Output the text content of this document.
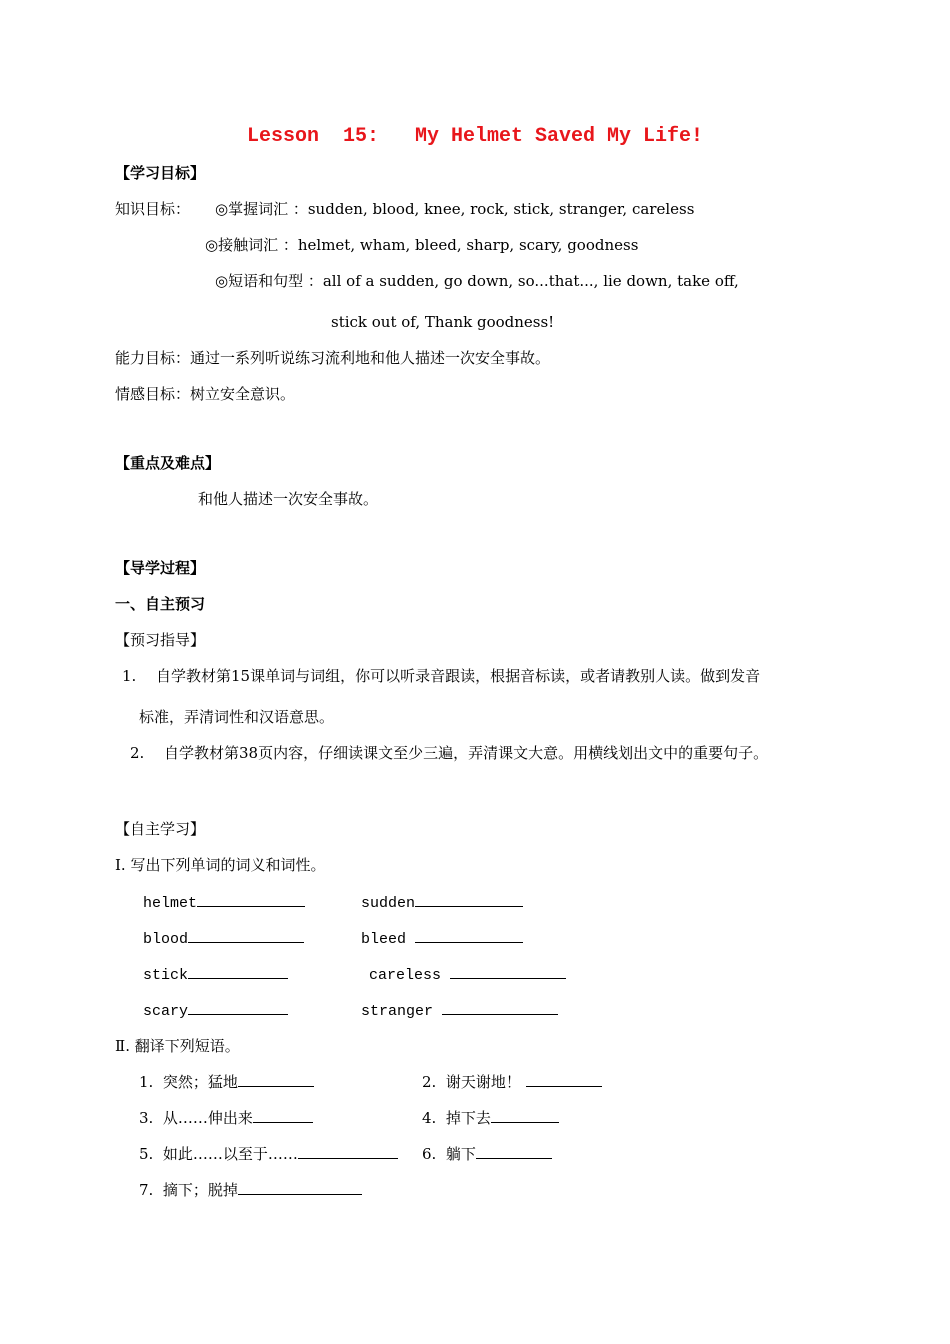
Lesson  15:   My Helmet Saved My Life!
【学习目标】
知识目标： ◎掌握词汇 ：sudden, blood, knee, rock, stick, stranger, careless
◎接触词汇 ：helmet, wham, bleed, sharp, scary, goodness
◎短语和句型 ：all of a sudden, go down, so...that..., lie down, take off,
stick out of, Thank goodness!
能力目标：通过一系列听说练习流利地和他人描述一次安全事故。
情感目标：树立安全意识。
【重点及难点】
和他人描述一次安全事故。
【导学过程】
一、自主预习
【预习指导】
1. 自学教材第15课单词与词组，你可以听录音跟读，根据音标读，或者请教别人读。做到发音
标准，弄清词性和汉语意思。
2. 自学教材第38页内容，仔细读课文至少三遍，弄清课文大意。用横线划出文中的重要句子。
【自主学习】
Ⅰ. 写出下列单词的词义和词性。
helmet	sudden
blood	bleed
stick	careless
scary	stranger
Ⅱ. 翻译下列短语。
1. 突然；猛地	2. 谢天谢地！
3. 从……伸出来	4. 掉下去
5. 如此……以至于……	6. 躺下
7. 摘下；脱掉
